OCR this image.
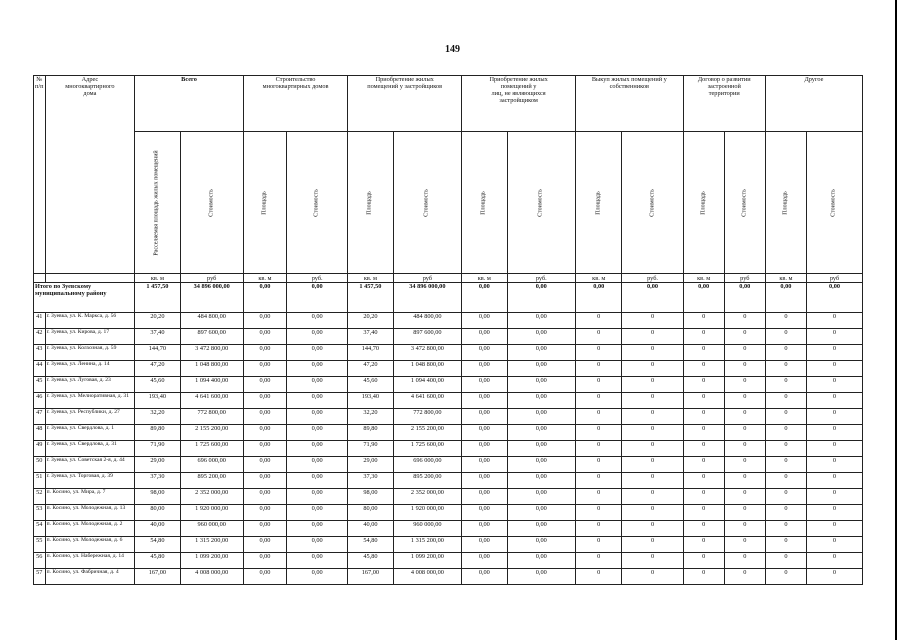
149
№
п/п	Адрес
многоквартирного
дома	Всего		Строительство
многоквартирных домов		Приобретение жилых
помещений у застройщиков		Приобретение жилых
помещений у
лиц, не являющихся
застройщиком		Выкуп жилых помещений у
собственников		Договор о развитии
застроенной
территории		Другое	

		Расселяемая площадь жилых помещений	Стоимость	Площадь	Стоимость	Площадь	Стоимость	Площадь	Стоимость	Площадь	Стоимость	Площадь	Стоимость	Площадь	Стоимость

		кв. м	руб	кв. м	руб.	кв. м	руб	кв. м	руб.	кв. м	руб.	кв. м	руб	кв. м	руб
Итого по Зуевскому муниципальному району		1 457,50	34 896 000,00	0,00	0,00	1 457,50	34 896 000,00	0,00	0,00	0,00	0,00	0,00	0,00	0,00	0,00
41	г. Зуевка, ул. К. Маркса, д. 56	20,20	484 800,00	0,00	0,00	20,20	484 800,00	0,00	0,00	0	0	0	0	0	0
42	г. Зуевка, ул. Кирова, д. 17	37,40	897 600,00	0,00	0,00	37,40	897 600,00	0,00	0,00	0	0	0	0	0	0
43	г. Зуевка, ул. Колхозная, д. 59	144,70	3 472 800,00	0,00	0,00	144,70	3 472 800,00	0,00	0,00	0	0	0	0	0	0
44	г. Зуевка, ул. Ленина, д. 14	47,20	1 048 800,00	0,00	0,00	47,20	1 048 800,00	0,00	0,00	0	0	0	0	0	0
45	г. Зуевка, ул. Луговая, д. 23	45,60	1 094 400,00	0,00	0,00	45,60	1 094 400,00	0,00	0,00	0	0	0	0	0	0
46	г. Зуевка, ул. Мелиоративная, д. 31	193,40	4 641 600,00	0,00	0,00	193,40	4 641 600,00	0,00	0,00	0	0	0	0	0	0
47	г. Зуевка, ул. Республики, д. 27	32,20	772 800,00	0,00	0,00	32,20	772 800,00	0,00	0,00	0	0	0	0	0	0
48	г. Зуевка, ул. Свердлова, д. 1	89,80	2 155 200,00	0,00	0,00	89,80	2 155 200,00	0,00	0,00	0	0	0	0	0	0
49	г. Зуевка, ул. Свердлова, д. 31	71,90	1 725 600,00	0,00	0,00	71,90	1 725 600,00	0,00	0,00	0	0	0	0	0	0
50	г. Зуевка, ул. Советская 2-я, д. 44	29,00	696 000,00	0,00	0,00	29,00	696 000,00	0,00	0,00	0	0	0	0	0	0
51	г. Зуевка, ул. Торговая, д. 39	37,30	895 200,00	0,00	0,00	37,30	895 200,00	0,00	0,00	0	0	0	0	0	0
52	п. Косино, ул. Мира, д. 7	98,00	2 352 000,00	0,00	0,00	98,00	2 352 000,00	0,00	0,00	0	0	0	0	0	0
53	п. Косино, ул. Молодежная, д. 13	80,00	1 920 000,00	0,00	0,00	80,00	1 920 000,00	0,00	0,00	0	0	0	0	0	0
54	п. Косино, ул. Молодежная, д. 2	40,00	960 000,00	0,00	0,00	40,00	960 000,00	0,00	0,00	0	0	0	0	0	0
55	п. Косино, ул. Молодежная, д. 6	54,80	1 315 200,00	0,00	0,00	54,80	1 315 200,00	0,00	0,00	0	0	0	0	0	0
56	п. Косино, ул. Набережная, д. 14	45,80	1 099 200,00	0,00	0,00	45,80	1 099 200,00	0,00	0,00	0	0	0	0	0	0
57	п. Косино, ул. Фабричная, д. 4	167,00	4 008 000,00	0,00	0,00	167,00	4 008 000,00	0,00	0,00	0	0	0	0	0	0
